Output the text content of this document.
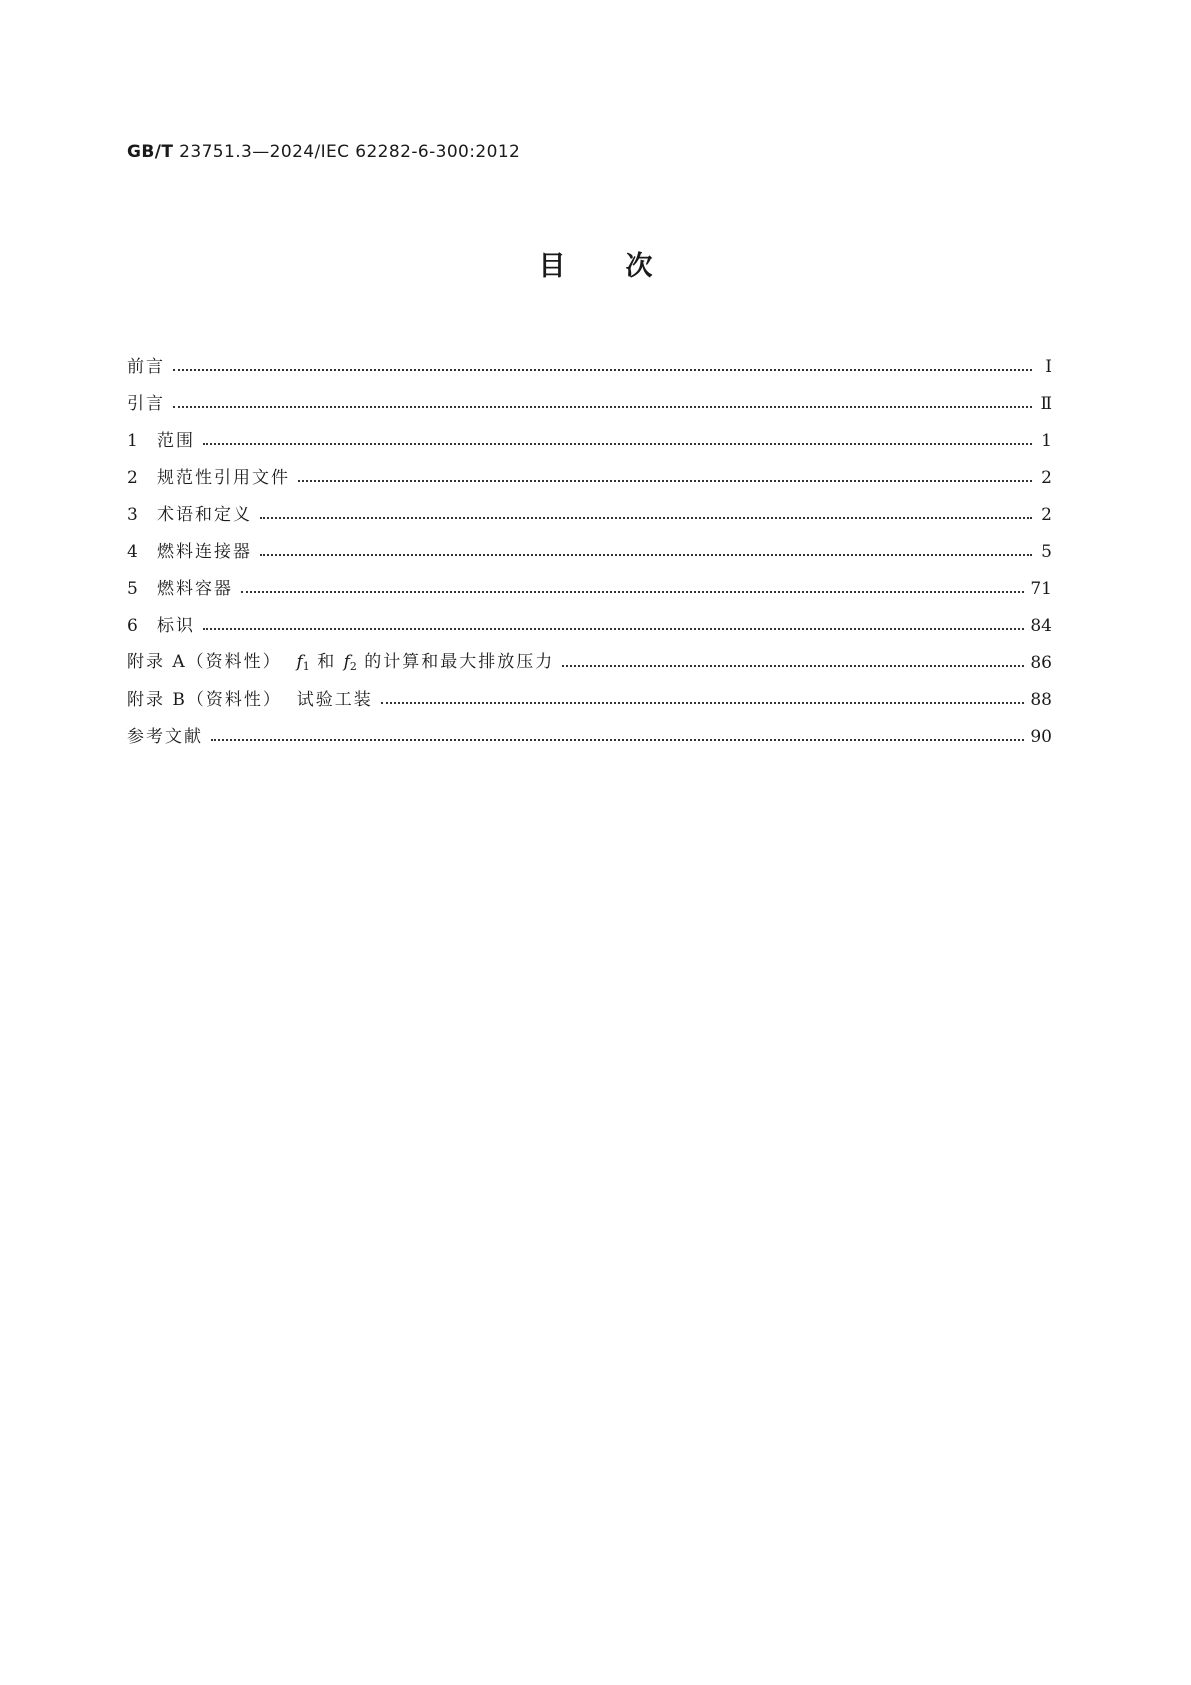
GB/T 23751.3—2024/IEC 62282-6-300:2012
目 次
前言	Ⅰ
引言	Ⅱ
1 范围	1
2 规范性引用文件	2
3 术语和定义	2
4 燃料连接器	5
5 燃料容器	71
6 标识	84
附录 A（资料性） $f_1$ 和 $f_2$ 的计算和最大排放压力	86
附录 B（资料性）  试验工装	88
参考文献	90
